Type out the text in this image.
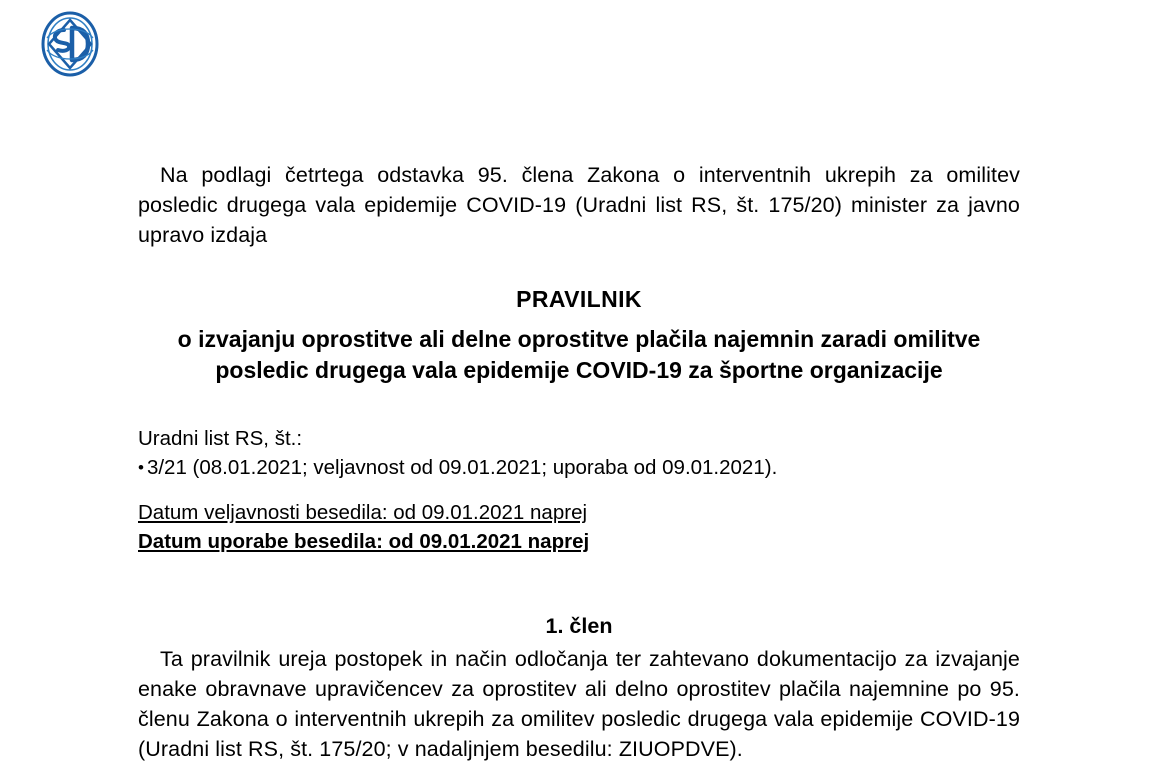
Na podlagi četrtega odstavka 95. člena Zakona o interventnih ukrepih za omilitev posledic drugega vala epidemije COVID-19 (Uradni list RS, št. 175/20) minister za javno upravo izdaja

PRAVILNIK
o izvajanju oprostitve ali delne oprostitve plačila najemnin zaradi omilitve posledic drugega vala epidemije COVID-19 za športne organizacije
Uradni list RS, št.:
• 3/21 (08.01.2021; veljavnost od 09.01.2021; uporaba od 09.01.2021).
Datum veljavnosti besedila: od 09.01.2021 naprej
Datum uporabe besedila: od 09.01.2021 naprej
1. člen

Ta pravilnik ureja postopek in način odločanja ter zahtevano dokumentacijo za izvajanje enake obravnave upravičencev za oprostitev ali delno oprostitev plačila najemnine po 95. členu Zakona o interventnih ukrepih za omilitev posledic drugega vala epidemije COVID-19 (Uradni list RS, št. 175/20; v nadaljnjem besedilu: ZIUOPDVE).
